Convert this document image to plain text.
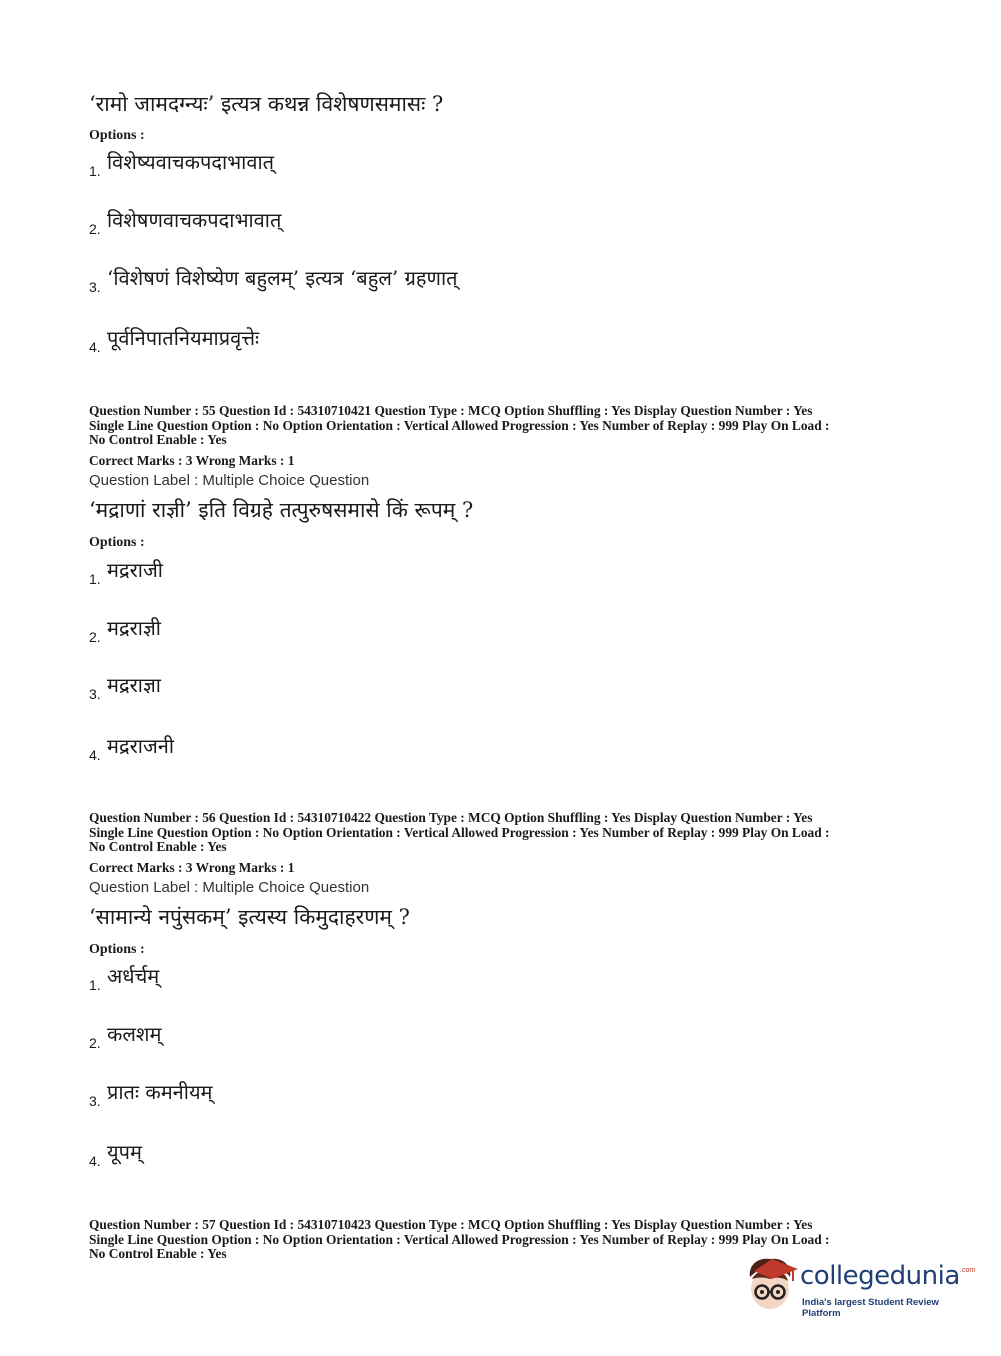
‘रामो जामदग्न्यः’ इत्यत्र कथन्न विशेषणसमासः ?
Options :
1. विशेष्यवाचकपदाभावात्
2. विशेषणवाचकपदाभावात्
3. ‘विशेषणं विशेष्येण बहुलम्’ इत्यत्र ‘बहुल’ ग्रहणात्
4. पूर्वनिपातनियमाप्रवृत्तेः
Question Number : 55 Question Id : 54310710421 Question Type : MCQ Option Shuffling : Yes Display Question Number : Yes
Single Line Question Option : No Option Orientation : Vertical Allowed Progression : Yes Number of Replay : 999 Play On Load :
No Control Enable : Yes
Correct Marks : 3 Wrong Marks : 1
Question Label : Multiple Choice Question
‘मद्राणां राज्ञी’ इति विग्रहे तत्पुरुषसमासे किं रूपम् ?
Options :
1. मद्रराजी
2. मद्रराज्ञी
3. मद्रराज्ञा
4. मद्रराजनी
Question Number : 56 Question Id : 54310710422 Question Type : MCQ Option Shuffling : Yes Display Question Number : Yes
Single Line Question Option : No Option Orientation : Vertical Allowed Progression : Yes Number of Replay : 999 Play On Load :
No Control Enable : Yes
Correct Marks : 3 Wrong Marks : 1
Question Label : Multiple Choice Question
‘सामान्ये नपुंसकम्’ इत्यस्य किमुदाहरणम् ?
Options :
1. अर्धर्चम्
2. कलशम्
3. प्रातः कमनीयम्
4. यूपम्
Question Number : 57 Question Id : 54310710423 Question Type : MCQ Option Shuffling : Yes Display Question Number : Yes
Single Line Question Option : No Option Orientation : Vertical Allowed Progression : Yes Number of Replay : 999 Play On Load :
No Control Enable : Yes
collegedunia .com
India's largest Student Review Platform
